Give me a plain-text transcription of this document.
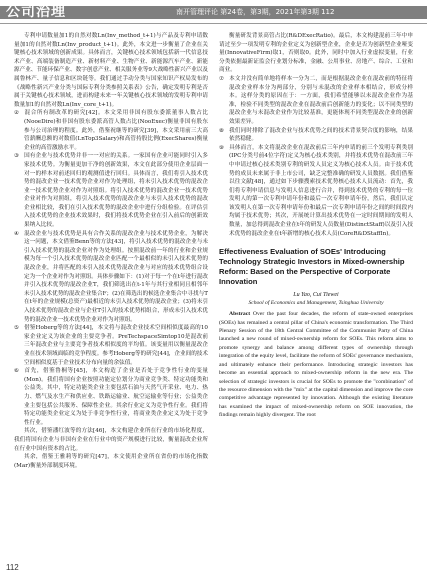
公司治理	南开管理评论 第24卷，第3期，2021年第3期 112

专利申请数量加1的自然对数Ln(Inv_method_t+1)与产品及专利申请数量加1的自然对数Ln(Inv_product_t+1)。此外，本文进一步衡量了企业在关键核心技术领域的创新成果。具体而言，关键核心技术领域包括新一代信息技术产业、高端装备制造产业、新材料产业、生物产业、新能源汽车产业、新能源产业、节能环保产业、数字创意产业、相关服务业等9大战略性新兴产业以及属鲁林产、量子信息和区块链等。我们通过手动分类与国家知识产权局发布的《战略性新兴产业分类与国际专利分类参照关系表》公告，确定发明专利是否属于关键核心技术领域，进而构建未来一年关键核心技术领域的发明专利申请数量加1的自然对数Ln(Inv_core_t+1)。

② 混合所有制改革的研究[42]。本文采用非国有股东委派董事人数占比(NooeDire)和非国有股东委派高管人数占比(NooExec)衡量非国有股东参与公司治理的程度。此外，借鉴祝继等的研究[39]，本文采用前三大高管薪酬总额的对数值(LnTop3Salary)和高管持股比例(ExecShares)衡量企业的高管激励水平。

③ 国有企业与技术优势并非一一对应的关系。一家国有企业可能同时引入多家技术优势。为衡量更加干净的创新效果，本文在此部分使用企业层面一对一的样本对前述回归的观测值进行回归。具体而言，我们将引入技术优势的混改企业一技术优势企业对作为处理组，将未引入技术优势的混改企业一技术优势企业对作为对照组。将引入技术优势的混改企业一技术优势企业对作为对照组，将引入技术优势的混改企业与未引入技术优势的混改企业相比较，我们在引入技术优势的混改企业中进行分组检验。在评估引入技术优势的企业技术效果时，我们将技术优势企业在引入前后的创新效果纳入比较。

④ 混改企业与技术优势是具有合作关系的混改企业与技术优势企业，为解决这一问题，本文借鉴Benn等的方法[43]，将引入技术优势的混改企业与未引入技术优势的混改企业对作为处理组。按照混改前一年的行业和企业规模为每一个引入技术优势的混改企业匹配一个最相似的未引入技术优势的混改企业，并将匹配的未引入技术优势混改企业与对应的技术优势组合设定为一个企业对作为对照组。具体步骤如下：(1)对于每一个在t年进行混改并引入技术优势的混改企业T，我们筛选出在t-1年与其行业相同且相邻年未引入技术优势的混改企业集合F；(2)在筛选出的候选企业集合中寻找与T在t年的企业规模(总资产)最相近的未引入技术优势的混改企业；(3)将未引入技术优势的混改企业与企业T引入的技术优势相组合，形成未引入技术优势的混改企业一技术优势企业对作为对照组。

⑤ 借鉴Hoberg等的方法[44]，本文将与混改企业技术空间相似度最高的10家企业定义为该企业的主要竞争者。PreTechspaceSimtop10是混改前三年混改企业与主要竞争者技术相似度的平均值。该变量用以衡量混改企业在技术领域面临的竞争程度。参考Hoberg等的研究[44]，企业间的技术空间相似度基于企业技术分布向量的余弦值。

⑥ 首先，借鉴鲁桐等[45]，本文构造了企业是否处于竞争性行业的变量(Mon)。我们将国有企业按照功能定位划分为商业竞争类、特定功能类和公益类。其中，特定功能类企业主要包括石油与天然气开采业、电力、热力、燃气及水生产和供应业、铁路运输业、航空运输业等行业；公益类企业主要包括公共服务、保障性企业。其余行业定义为竞争性行业。我们将特定功能类企业定义为处于非竞争性行业，将商业类企业定义为处于竞争性行业。

其次，借鉴潘红波等的方法[46]，本文构建企业所在行业的市场化程度，我们将国有企业与非国有企业在行业中的资产规模进行比较，衡量混改企业所在行业中国有资本的占比。

其余，借鉴王雅莉等的研究[47]，本文使用企业所在省份的市场化指数(Mar)衡量外部制度环境。

衡量研发背景高管占比(R&DExecRatio)。最后，本文构建混前三年中申请过至少一项发明专利的企业定义为创新型企业，企业是否为创新型企业哑变量(InnovativeFirm)取1，否则取0。此外，同时中加入行业虚拟变量，行业分类依据最新证监会行业划分标准，金融、公用事业、房地产、综合、工业和商业。

⑦ 本文并没有简单地将样本一分为二，而是根据混改企业在混改前的特征将混改企业样本分为两部分，分别与未混改的企业样本相结合，形成分样本。这样分类的原因在于：一方面，我们希望能够以未混改企业作为基准，检验不同类型的混改企业在混改前后创新能力的变化；以不同类型的混改企业与未混改企业作为比较基准，更能体现不同类型混改企业的创新效果差异。

⑧ 我们同时排除了混改企业与技术优势之间的技术背景契合度的影响，结果依然稳健。

⑨ 具体而言，本文将混改企业在混改前后三年内申请的前三个发明专利类别(IPC分类号前4位字符)定义为核心技术类别，并将技术优势在混改前三年中申请过核心技术类别专利的研发人员定义为核心技术人员。由于技术优势的成员未来属于非上市公司，缺乏完整准确的研发人员数据。我们借鉴以往文献[48]，通过如下步骤搜索技术优势核心技术人员流动：首先，我们将专利申请信息与发明人信息进行合并，得到技术优势的专利的每一位发明人的第一次专利申请年份和最后一次专利申请年份，然后，我们认定该发明人在第一次专利申请年份和最后一次专利申请年份之间的时间段内均属于技术优势；其次，开展统计算出技术优势在一定时间期间的发明人数量，加总得到混改企业在t年的研发人员数量(DistinctStaff)以及引入技术优势的混改企业在t年新增的核心技术人员(CoreR&DStaffIn)。

Effectiveness Evaluation of SOEs' Introducing Technology Strategic Investors in Mixed-ownership Reform: Based on the Perspective of Corporate Innovation
Lu Yao, Cui Tiewei
School of Economics and Management, Tsinghua University

Abstract Over the past four decades, the reform of state-owned enterprises (SOEs) has remained a central pillar of China's economic transformation. The Third Plenary Session of the 18th Central Committee of the Communist Party of China launched a new round of mixed-ownership reform for SOEs. This reform aims to promote synergy and balance among different types of ownership through integration of the equity level, facilitate the reform of SOEs' governance mechanism, and ultimately enhance their performance. Introducing strategic investors has become an essential approach to mixed-ownership reform in the new era. The selection of strategic investors is crucial for SOEs to promote the "combination" of the resource dimension with the "mix" at the capital dimension and improve the core competitive advantage represented by innovation. Although the existing literature has examined the impact of mixed-ownership reform on SOE innovation, the findings remain highly divergent. The root

112
